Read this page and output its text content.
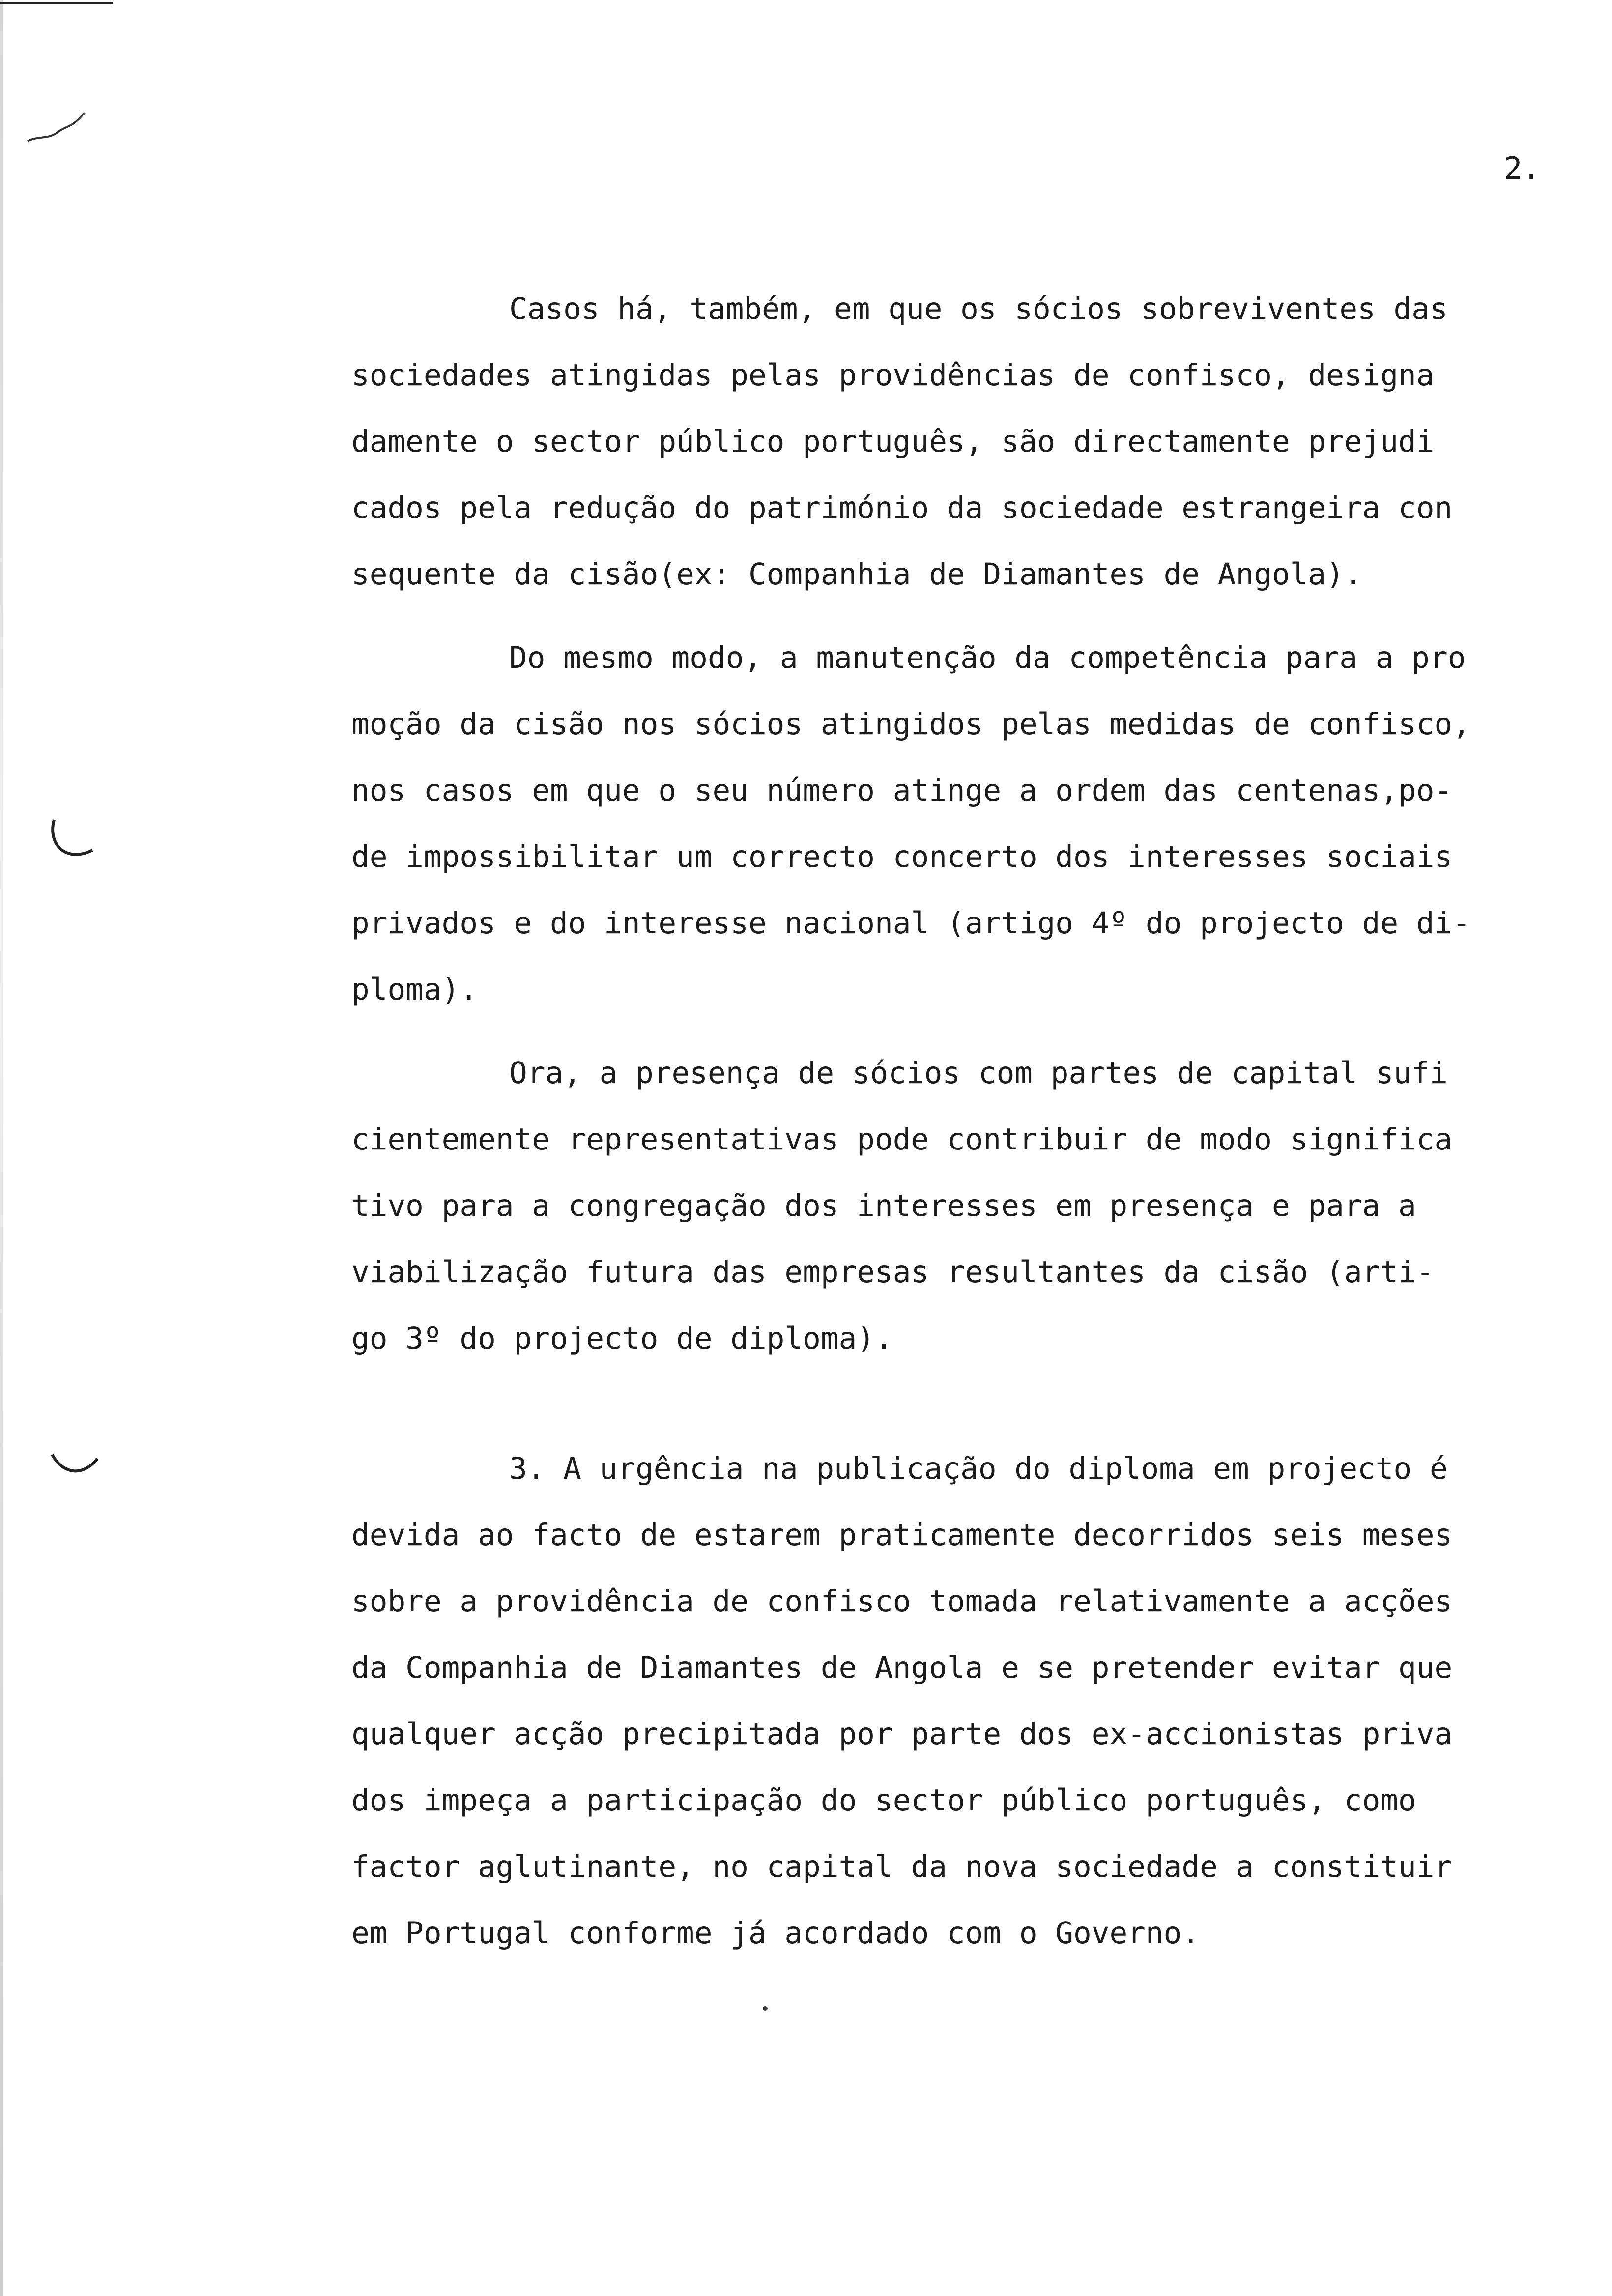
2.
Casos há, também, em que os sócios sobreviventes das
sociedades atingidas pelas providências de confisco, designa
damente o sector público português, são directamente prejudi
cados pela redução do património da sociedade estrangeira con
sequente da cisão(ex: Companhia de Diamantes de Angola).
Do mesmo modo, a manutenção da competência para a pro
moção da cisão nos sócios atingidos pelas medidas de confisco,
nos casos em que o seu número atinge a ordem das centenas,po-
de impossibilitar um correcto concerto dos interesses sociais
privados e do interesse nacional (artigo 4º do projecto de di-
ploma).
Ora, a presença de sócios com partes de capital sufi
cientemente representativas pode contribuir de modo significa
tivo para a congregação dos interesses em presença e para a
viabilização futura das empresas resultantes da cisão (arti-
go 3º do projecto de diploma).
3. A urgência na publicação do diploma em projecto é
devida ao facto de estarem praticamente decorridos seis meses
sobre a providência de confisco tomada relativamente a acções
da Companhia de Diamantes de Angola e se pretender evitar que
qualquer acção precipitada por parte dos ex-accionistas priva
dos impeça a participação do sector público português, como
factor aglutinante, no capital da nova sociedade a constituir
em Portugal conforme já acordado com o Governo.
